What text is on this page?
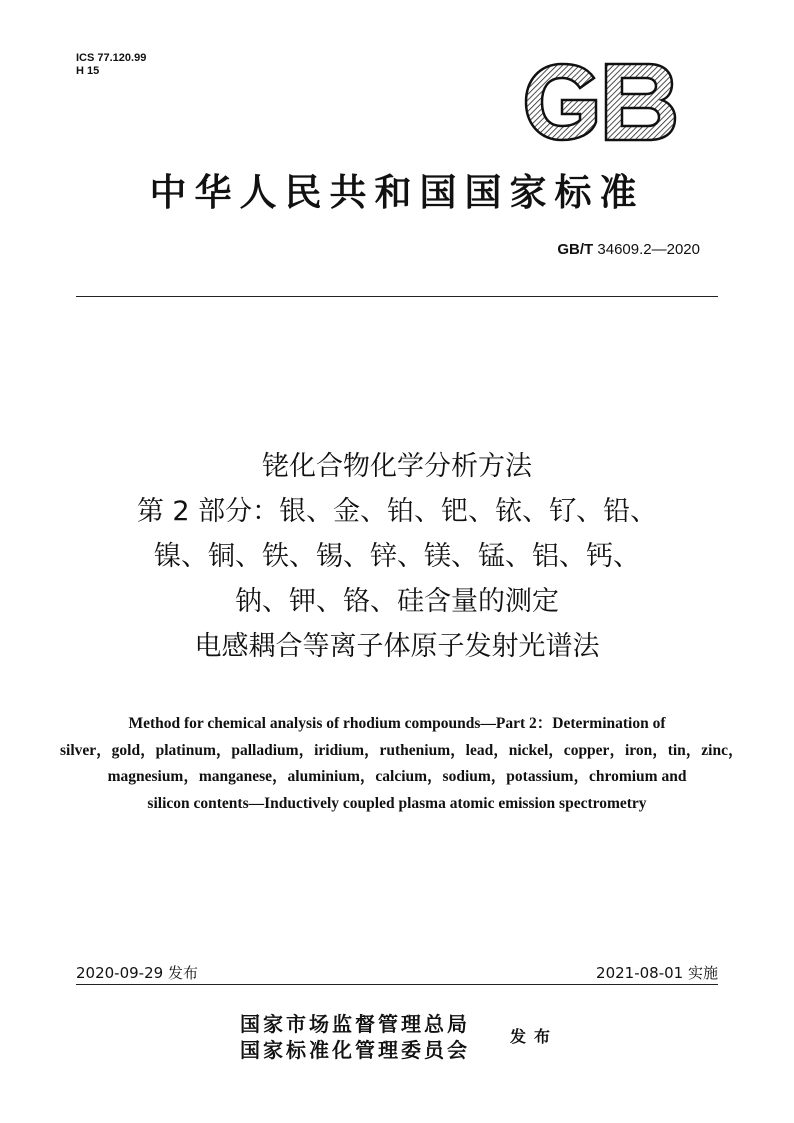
ICS 77.120.99
H 15
中华人民共和国国家标准
GB/T 34609.2—2020
铑化合物化学分析方法
第 2 部分：银、金、铂、钯、铱、钌、铅、
镍、铜、铁、锡、锌、镁、锰、铝、钙、
钠、钾、铬、硅含量的测定
电感耦合等离子体原子发射光谱法
Method for chemical analysis of rhodium compounds—Part 2：Determination of
silver，gold，platinum，palladium，iridium，ruthenium，lead，nickel，copper，iron，tin，zinc，
magnesium，manganese，aluminium，calcium，sodium，potassium，chromium and
silicon contents—Inductively coupled plasma atomic emission spectrometry
2020-09-29 发布	2021-08-01 实施
国家市场监督管理总局
国家标准化管理委员会
发布
